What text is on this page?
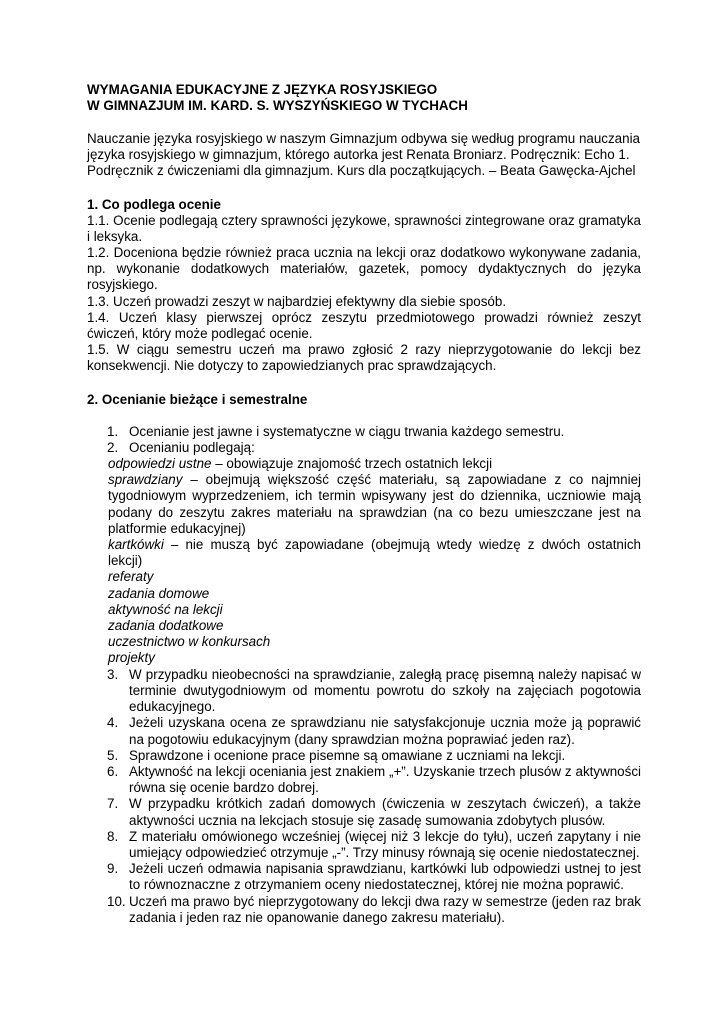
WYMAGANIA EDUKACYJNE Z JĘZYKA ROSYJSKIEGO

W GIMNAZJUM IM. KARD. S. WYSZYŃSKIEGO W TYCHACH

Nauczanie języka rosyjskiego w naszym Gimnazjum odbywa się według programu nauczania języka rosyjskiego w gimnazjum, którego autorka jest Renata Broniarz. Podręcznik: Echo 1. Podręcznik z ćwiczeniami dla gimnazjum. Kurs dla początkujących. – Beata Gawęcka-Ajchel

1. Co podlega ocenie

1.1. Ocenie podlegają cztery sprawności językowe, sprawności zintegrowane oraz gramatyka i leksyka.

1.2. Doceniona będzie również praca ucznia na lekcji oraz dodatkowo wykonywane zadania, np. wykonanie dodatkowych materiałów, gazetek, pomocy dydaktycznych do języka rosyjskiego.

1.3. Uczeń prowadzi zeszyt w najbardziej efektywny dla siebie sposób.

1.4. Uczeń klasy pierwszej oprócz zeszytu przedmiotowego prowadzi również zeszyt ćwiczeń, który może podlegać ocenie.

1.5. W ciągu semestru uczeń ma prawo zgłosić 2 razy nieprzygotowanie do lekcji bez konsekwencji. Nie dotyczy to zapowiedzianych prac sprawdzających.

2. Ocenianie bieżące i semestralne

1. Ocenianie jest jawne i systematyczne w ciągu trwania każdego semestru.
2. Ocenianiu podlegają:
odpowiedzi ustne – obowiązuje znajomość trzech ostatnich lekcji
sprawdziany – obejmują większość część materiału, są zapowiadane z co najmniej tygodniowym wyprzedzeniem, ich termin wpisywany jest do dziennika, uczniowie mają podany do zeszytu zakres materiału na sprawdzian (na co bezu umieszczane jest na platformie edukacyjnej)
kartkówki – nie muszą być zapowiadane (obejmują wtedy wiedzę z dwóch ostatnich lekcji)
referaty
zadania domowe
aktywność na lekcji
zadania dodatkowe
uczestnictwo w konkursach
projekty
3. W przypadku nieobecności na sprawdzianie, zaległą pracę pisemną należy napisać w terminie dwutygodniowym od momentu powrotu do szkoły na zajęciach pogotowia edukacyjnego.
4. Jeżeli uzyskana ocena ze sprawdzianu nie satysfakcjonuje ucznia może ją poprawić na pogotowiu edukacyjnym (dany sprawdzian można poprawiać jeden raz).
5. Sprawdzone i ocenione prace pisemne są omawiane z uczniami na lekcji.
6. Aktywność na lekcji oceniania jest znakiem „+”. Uzyskanie trzech plusów z aktywności równa się ocenie bardzo dobrej.
7. W przypadku krótkich zadań domowych (ćwiczenia w zeszytach ćwiczeń), a także aktywności ucznia na lekcjach stosuje się zasadę sumowania zdobytych plusów.
8. Z materiału omówionego wcześniej (więcej niż 3 lekcje do tyłu), uczeń zapytany i nie umiejący odpowiedzieć otrzymuje „-”. Trzy minusy równają się ocenie niedostatecznej.
9. Jeżeli uczeń odmawia napisania sprawdzianu, kartkówki lub odpowiedzi ustnej to jest to równoznaczne z otrzymaniem oceny niedostatecznej, której nie można poprawić.
10. Uczeń ma prawo być nieprzygotowany do lekcji dwa razy w semestrze (jeden raz brak zadania i jeden raz nie opanowanie danego zakresu materiału).
